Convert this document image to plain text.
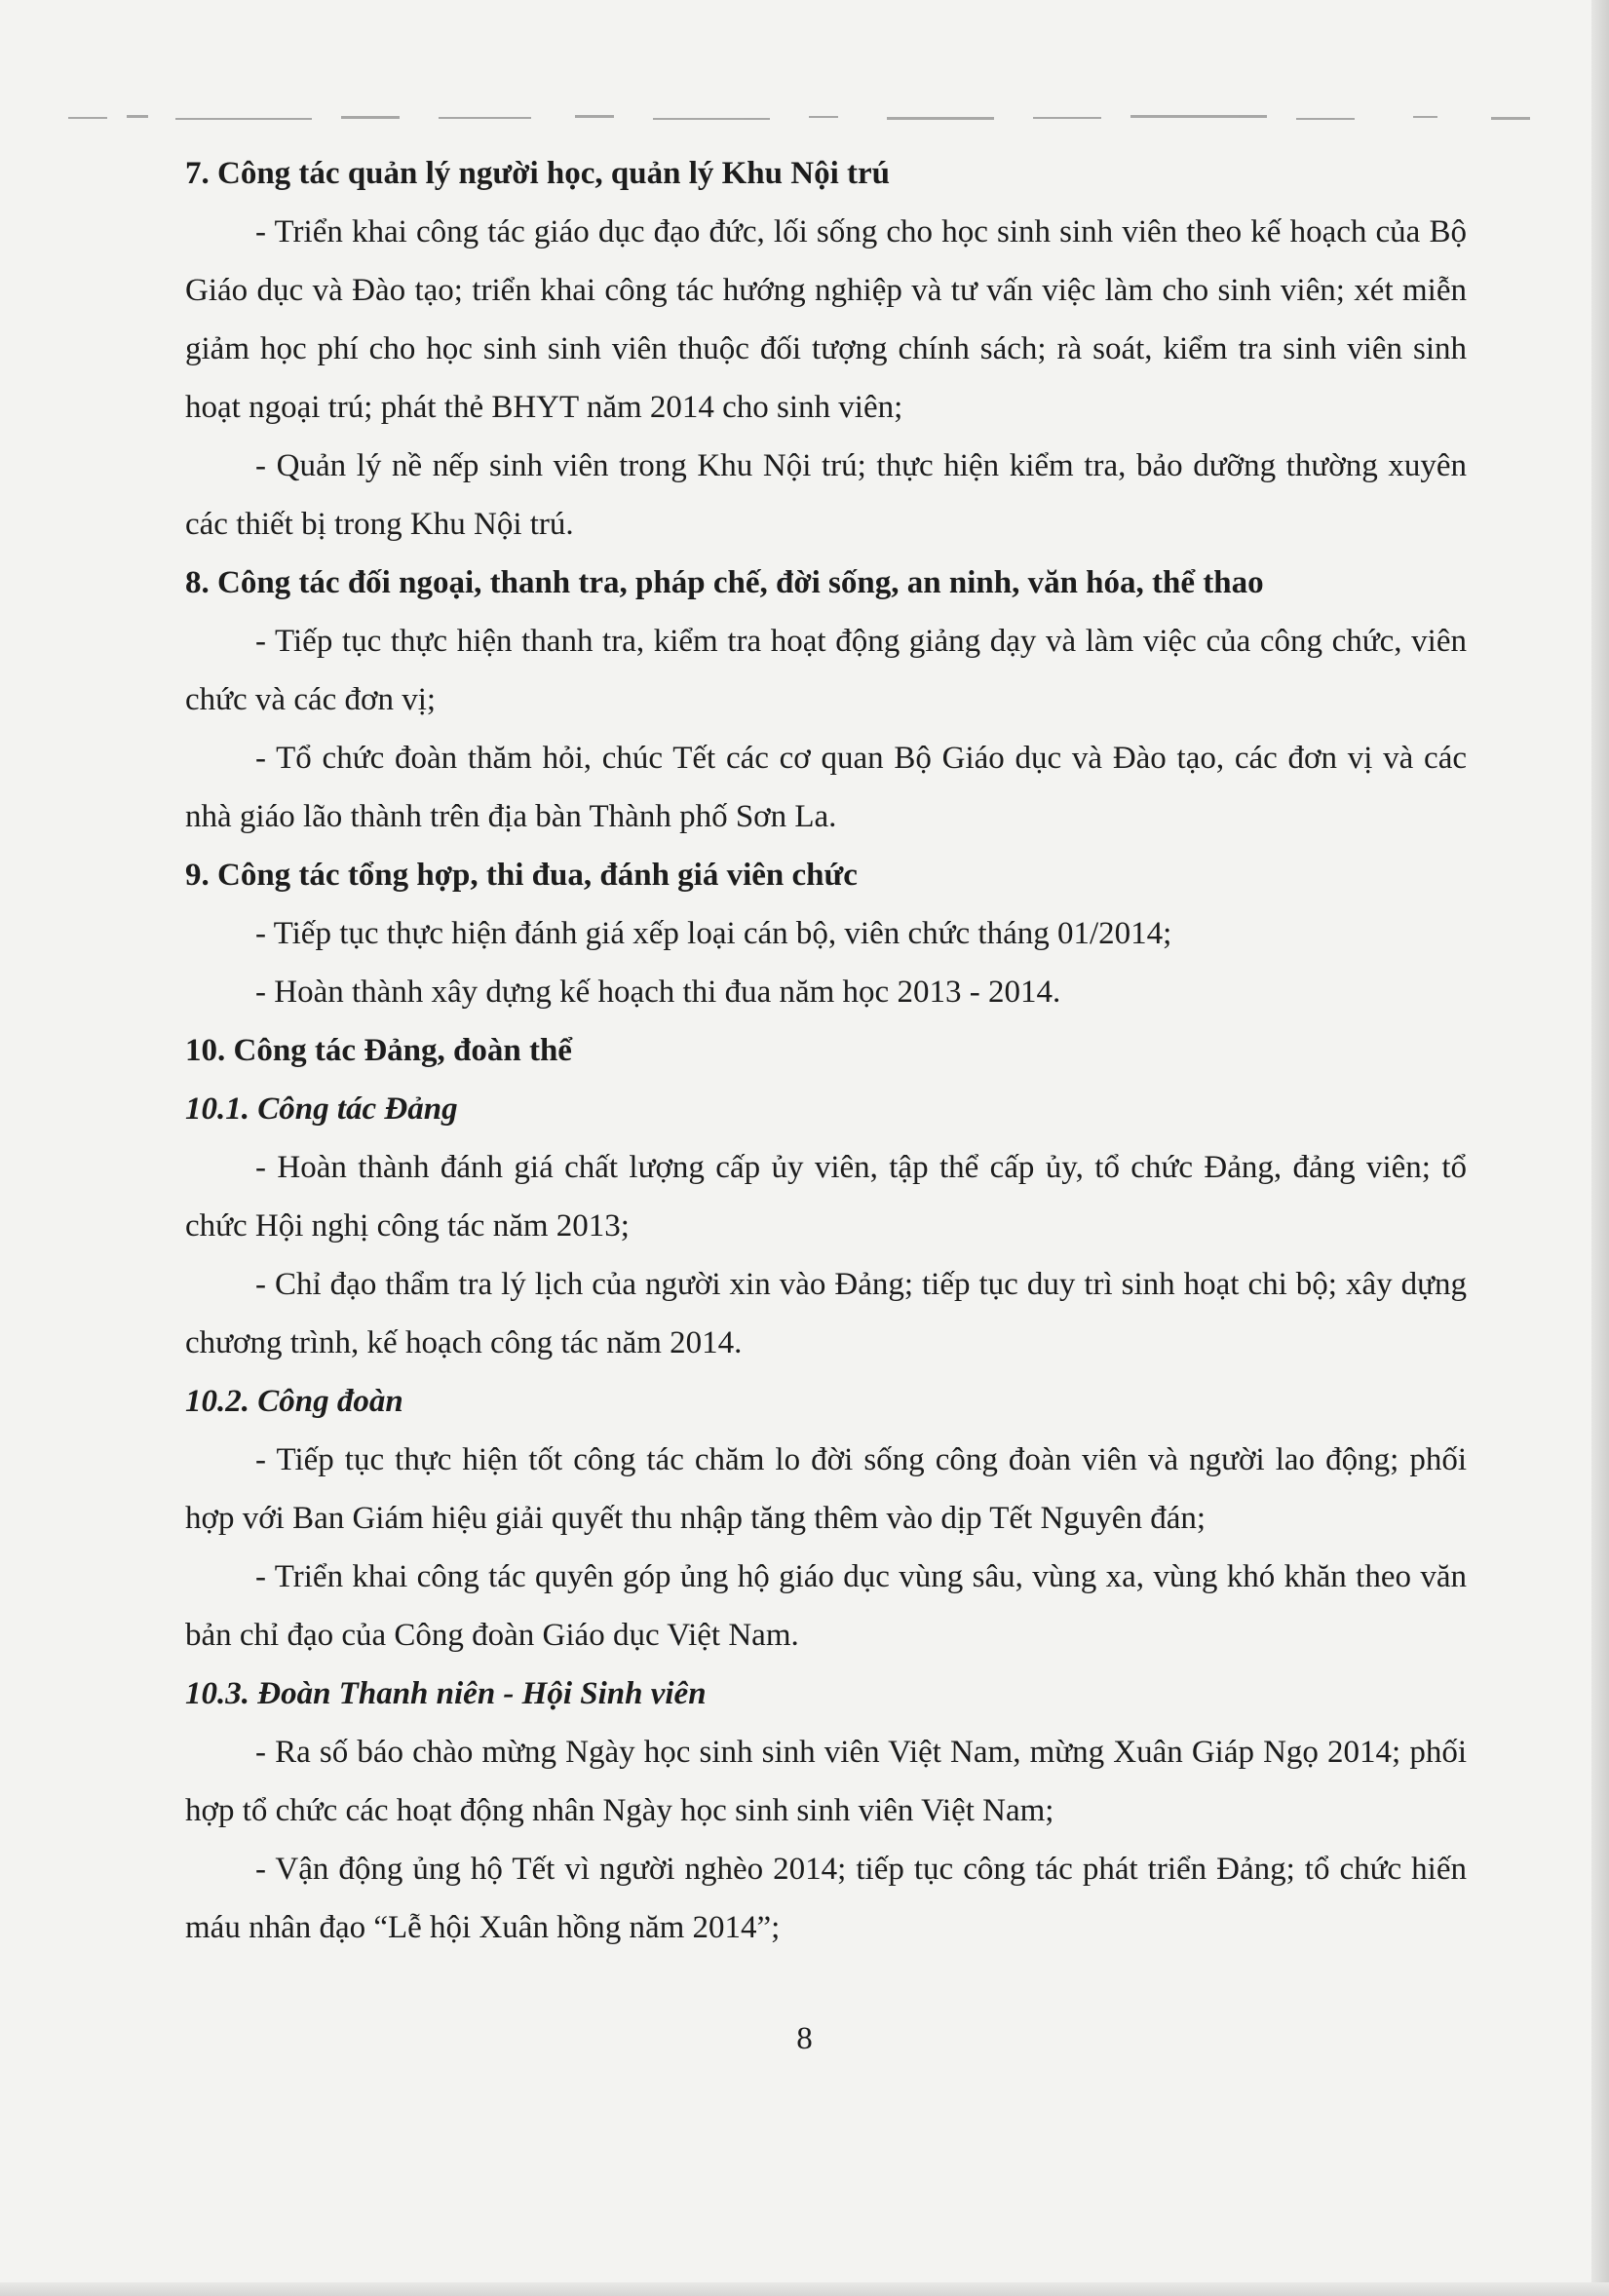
7. Công tác quản lý người học, quản lý Khu Nội trú

- Triển khai công tác giáo dục đạo đức, lối sống cho học sinh sinh viên theo kế hoạch của Bộ Giáo dục và Đào tạo; triển khai công tác hướng nghiệp và tư vấn việc làm cho sinh viên; xét miễn giảm học phí cho học sinh sinh viên thuộc đối tượng chính sách; rà soát, kiểm tra sinh viên sinh hoạt ngoại trú; phát thẻ BHYT năm 2014 cho sinh viên;

- Quản lý nề nếp sinh viên trong Khu Nội trú; thực hiện kiểm tra, bảo dưỡng thường xuyên các thiết bị trong Khu Nội trú.

8. Công tác đối ngoại, thanh tra, pháp chế, đời sống, an ninh, văn hóa, thể thao

- Tiếp tục thực hiện thanh tra, kiểm tra hoạt động giảng dạy và làm việc của công chức, viên chức và các đơn vị;

- Tổ chức đoàn thăm hỏi, chúc Tết các cơ quan Bộ Giáo dục và Đào tạo, các đơn vị và các nhà giáo lão thành trên địa bàn Thành phố Sơn La.

9. Công tác tổng hợp, thi đua, đánh giá viên chức

- Tiếp tục thực hiện đánh giá xếp loại cán bộ, viên chức tháng 01/2014;

- Hoàn thành xây dựng kế hoạch thi đua năm học 2013 - 2014.

10. Công tác Đảng, đoàn thể

10.1. Công tác Đảng

- Hoàn thành đánh giá chất lượng cấp ủy viên, tập thể cấp ủy, tổ chức Đảng, đảng viên; tổ chức Hội nghị công tác năm 2013;

- Chỉ đạo thẩm tra lý lịch của người xin vào Đảng; tiếp tục duy trì sinh hoạt chi bộ; xây dựng chương trình, kế hoạch công tác năm 2014.

10.2. Công đoàn

- Tiếp tục thực hiện tốt công tác chăm lo đời sống công đoàn viên và người lao động; phối hợp với Ban Giám hiệu giải quyết thu nhập tăng thêm vào dịp Tết Nguyên đán;

- Triển khai công tác quyên góp ủng hộ giáo dục vùng sâu, vùng xa, vùng khó khăn theo văn bản chỉ đạo của Công đoàn Giáo dục Việt Nam.

10.3. Đoàn Thanh niên - Hội Sinh viên

- Ra số báo chào mừng Ngày học sinh sinh viên Việt Nam, mừng Xuân Giáp Ngọ 2014; phối hợp tổ chức các hoạt động nhân Ngày học sinh sinh viên Việt Nam;

- Vận động ủng hộ Tết vì người nghèo 2014; tiếp tục công tác phát triển Đảng; tổ chức hiến máu nhân đạo “Lễ hội Xuân hồng năm 2014”;

8
